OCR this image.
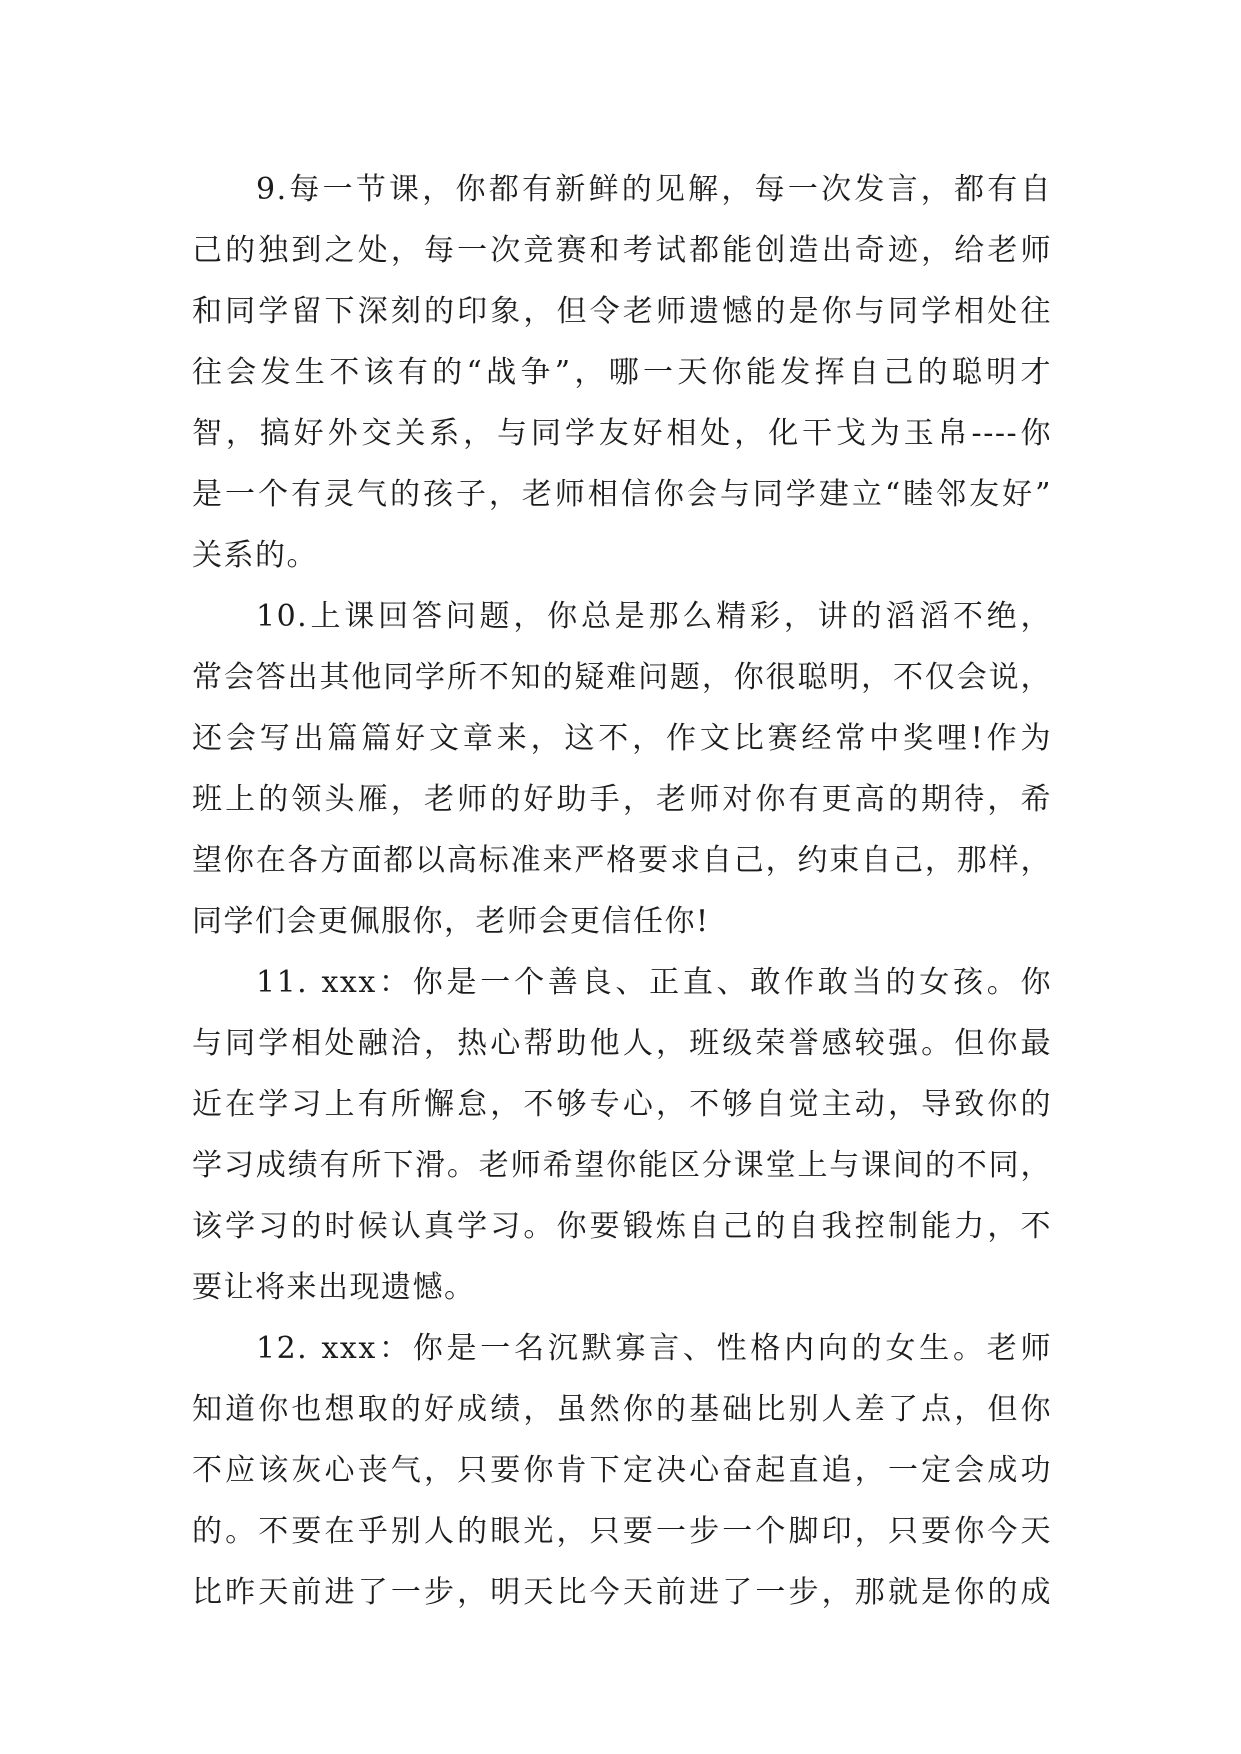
9.每一节课，你都有新鲜的见解，每一次发言，都有自
己的独到之处，每一次竞赛和考试都能创造出奇迹，给老师
和同学留下深刻的印象，但令老师遗憾的是你与同学相处往
往会发生不该有的“战争”，哪一天你能发挥自己的聪明才
智，搞好外交关系，与同学友好相处，化干戈为玉帛----你
是一个有灵气的孩子，老师相信你会与同学建立“睦邻友好”
关系的。
10.上课回答问题，你总是那么精彩，讲的滔滔不绝，
常会答出其他同学所不知的疑难问题，你很聪明，不仅会说，
还会写出篇篇好文章来，这不，作文比赛经常中奖哩!作为
班上的领头雁，老师的好助手，老师对你有更高的期待，希
望你在各方面都以高标准来严格要求自己，约束自己，那样，
同学们会更佩服你，老师会更信任你!
11. xxx：你是一个善良、正直、敢作敢当的女孩。你
与同学相处融洽，热心帮助他人，班级荣誉感较强。但你最
近在学习上有所懈怠，不够专心，不够自觉主动，导致你的
学习成绩有所下滑。老师希望你能区分课堂上与课间的不同，
该学习的时候认真学习。你要锻炼自己的自我控制能力，不
要让将来出现遗憾。
12. xxx：你是一名沉默寡言、性格内向的女生。老师
知道你也想取的好成绩，虽然你的基础比别人差了点，但你
不应该灰心丧气，只要你肯下定决心奋起直追，一定会成功
的。不要在乎别人的眼光，只要一步一个脚印，只要你今天
比昨天前进了一步，明天比今天前进了一步，那就是你的成
